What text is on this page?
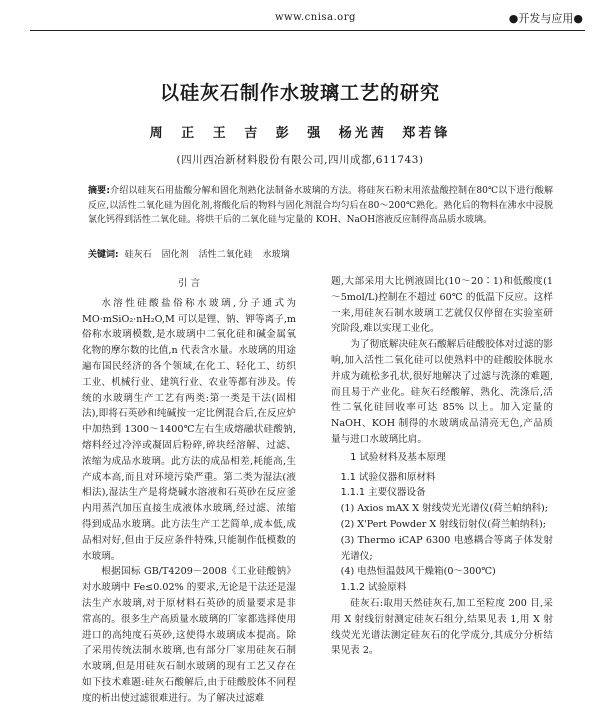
www.cnisa.org	●开发与应用●
以硅灰石制作水玻璃工艺的研究
周 正 王 吉 彭 强 杨光茜 郑若锋
(四川西冶新材料股份有限公司,四川成都,611743)
摘要:介绍以硅灰石用盐酸分解和固化剂熟化法制备水玻璃的方法。将硅灰石粉末用浓盐酸控制在80℃以下进行酸解反应,以活性二氧化硅为固化剂,将酸化后的物料与固化剂混合均匀后在80～200℃熟化。熟化后的物料在沸水中浸脱氯化钙得到活性二氧化硅。将烘干后的二氧化硅与定量的 KOH、NaOH溶液反应制得高品质水玻璃。
关键词: 硅灰石 固化剂 活性二氧化硅 水玻璃
引 言

水溶性硅酸盐俗称水玻璃,分子通式为 MO·mSiO₂·nH₂O,M 可以是锂、钠、钾等离子,m 俗称水玻璃模数,是水玻璃中二氧化硅和碱金属氧化物的摩尔数的比值,n 代表含水量。水玻璃的用途遍布国民经济的各个领域,在化工、轻化工、纺织工业、机械行业、建筑行业、农业等都有涉及。传统的水玻璃生产工艺有两类:第一类是干法(固相法),即将石英砂和纯碱按一定比例混合后,在反应炉中加热到 1300～1400℃左右生成熔融状硅酸钠,熔料经过冷淬或凝固后粉碎,碎块经溶解、过滤、浓缩为成品水玻璃。此方法的成品相差,耗能高,生产成本高,而且对环境污染严重。第二类为湿法(液相法),湿法生产是将烧碱水溶液和石英砂在反应釜内用蒸汽加压直接生成液体水玻璃,经过滤、浓缩得到成品水玻璃。此方法生产工艺简单,成本低,成品相对好,但由于反应条件特殊,只能制作低模数的水玻璃。

根据国标 GB/T4209－2008《工业硅酸钠》对水玻璃中 Fe≤0.02% 的要求,无论是干法还是湿法生产水玻璃,对于原材料石英砂的质量要求是非常高的。很多生产高质量水玻璃的厂家都选择使用进口的高纯度石英砂,这使得水玻璃成本提高。除了采用传统法制水玻璃,也有部分厂家用硅灰石制水玻璃,但是用硅灰石制水玻璃的现有工艺又存在如下技术难题:硅灰石酸解后,由于硅酸胶体不同程度的析出使过滤很难进行。为了解决过滤难

题,大部采用大比例液固比(10～20∶1)和低酸度(1～5mol/L)控制在不超过 60℃ 的低温下反应。这样一来,用硅灰石制水玻璃工艺就仅仅停留在实验室研究阶段,难以实现工业化。

为了彻底解决硅灰石酸解后硅酸胶体对过滤的影响,加入活性二氧化硅可以使熟料中的硅酸胶体脱水并成为疏松多孔状,很好地解决了过滤与洗涤的难题,而且易于产业化。硅灰石经酸解、熟化、洗涤后,活性二氧化硅回收率可达 85% 以上。加入定量的 NaOH、KOH 制得的水玻璃成品清亮无色,产品质量与进口水玻璃比肩。

1 试验材料及基本原理
1.1 试验仪器和原材料
1.1.1 主要仪器设备
(1) Axios mAX X 射线荧光光谱仪(荷兰帕纳科);
(2) X'Pert Powder X 射线衍射仪(荷兰帕纳科);
(3) Thermo iCAP 6300 电感耦合等离子体发射光谱仪;
(4) 电热恒温鼓风干燥箱(0～300℃)
1.1.2 试验原料

硅灰石:取用天然硅灰石,加工至粒度 200 目,采用 X 射线衍射测定硅灰石组分,结果见表 1,用 X 射线荧光光谱法测定硅灰石的化学成分,其成分分析结果见表 2。
